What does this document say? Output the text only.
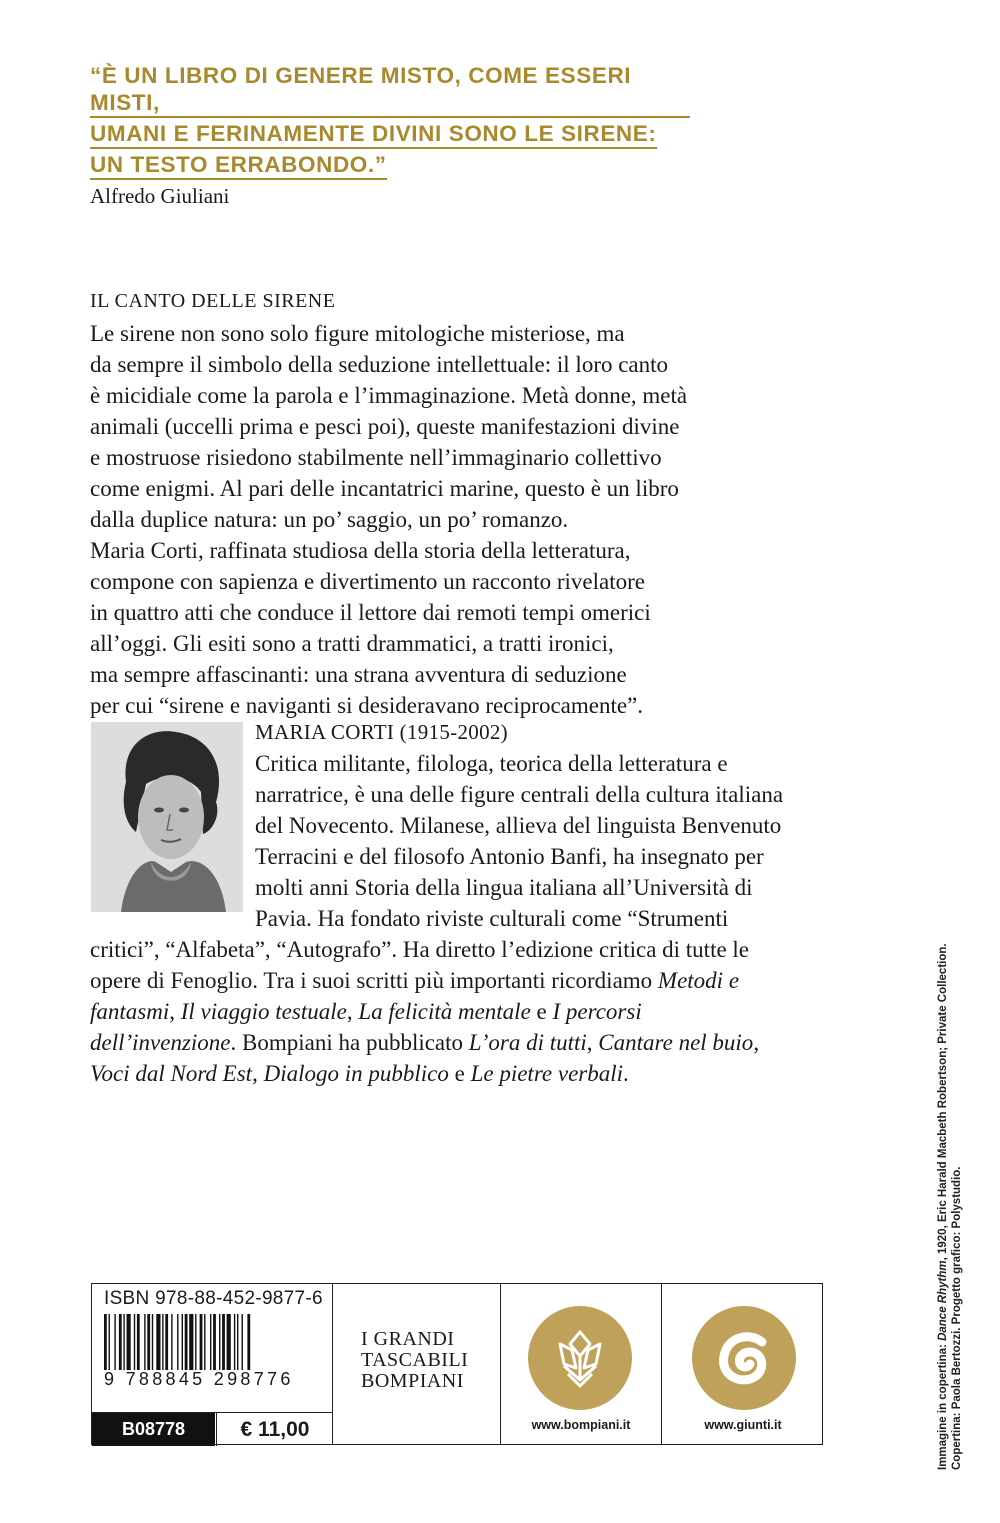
“È UN LIBRO DI GENERE MISTO, COME ESSERI MISTI,
UMANI E FERINAMENTE DIVINI SONO LE SIRENE:
UN TESTO ERRABONDO.”
Alfredo Giuliani
IL CANTO DELLE SIRENE

Le sirene non sono solo figure mitologiche misteriose, ma

da sempre il simbolo della seduzione intellettuale: il loro canto

è micidiale come la parola e l’immaginazione. Metà donne, metà

animali (uccelli prima e pesci poi), queste manifestazioni divine

e mostruose risiedono stabilmente nell’immaginario collettivo

come enigmi. Al pari delle incantatrici marine, questo è un libro

dalla duplice natura: un po’ saggio, un po’ romanzo.

Maria Corti, raffinata studiosa della storia della letteratura,

compone con sapienza e divertimento un racconto rivelatore

in quattro atti che conduce il lettore dai remoti tempi omerici

all’oggi. Gli esiti sono a tratti drammatici, a tratti ironici,

ma sempre affascinanti: una strana avventura di seduzione

per cui “sirene e naviganti si desideravano reciprocamente”.

MARIA CORTI (1915-2002)
Critica militante, filologa, teorica della letteratura e narratrice, è una delle figure centrali della cultura italiana del Novecento. Milanese, allieva del linguista Benvenuto Terracini e del filosofo Antonio Banfi, ha insegnato per molti anni Storia della lingua italiana all’Università di Pavia. Ha fondato riviste culturali come “Strumenti critici”, “Alfabeta”, “Autografo”. Ha diretto l’edizione critica di tutte le opere di Fenoglio. Tra i suoi scritti più importanti ricordiamo Metodi e fantasmi, Il viaggio testuale, La felicità mentale e I percorsi dell’invenzione. Bompiani ha pubblicato L’ora di tutti, Cantare nel buio, Voci dal Nord Est, Dialogo in pubblico e Le pietre verbali.
Immagine in copertina: Dance Rhythm, 1920, Eric Harald Macbeth Robertson; Private Collection.
Copertina: Paola Bertozzi. Progetto grafico: Polystudio.
ISBN 978-88-452-9877-6
9 788845 298776
B08778	€ 11,00
I GRANDI
TASCABILI
BOMPIANI
www.bompiani.it	www.giunti.it
